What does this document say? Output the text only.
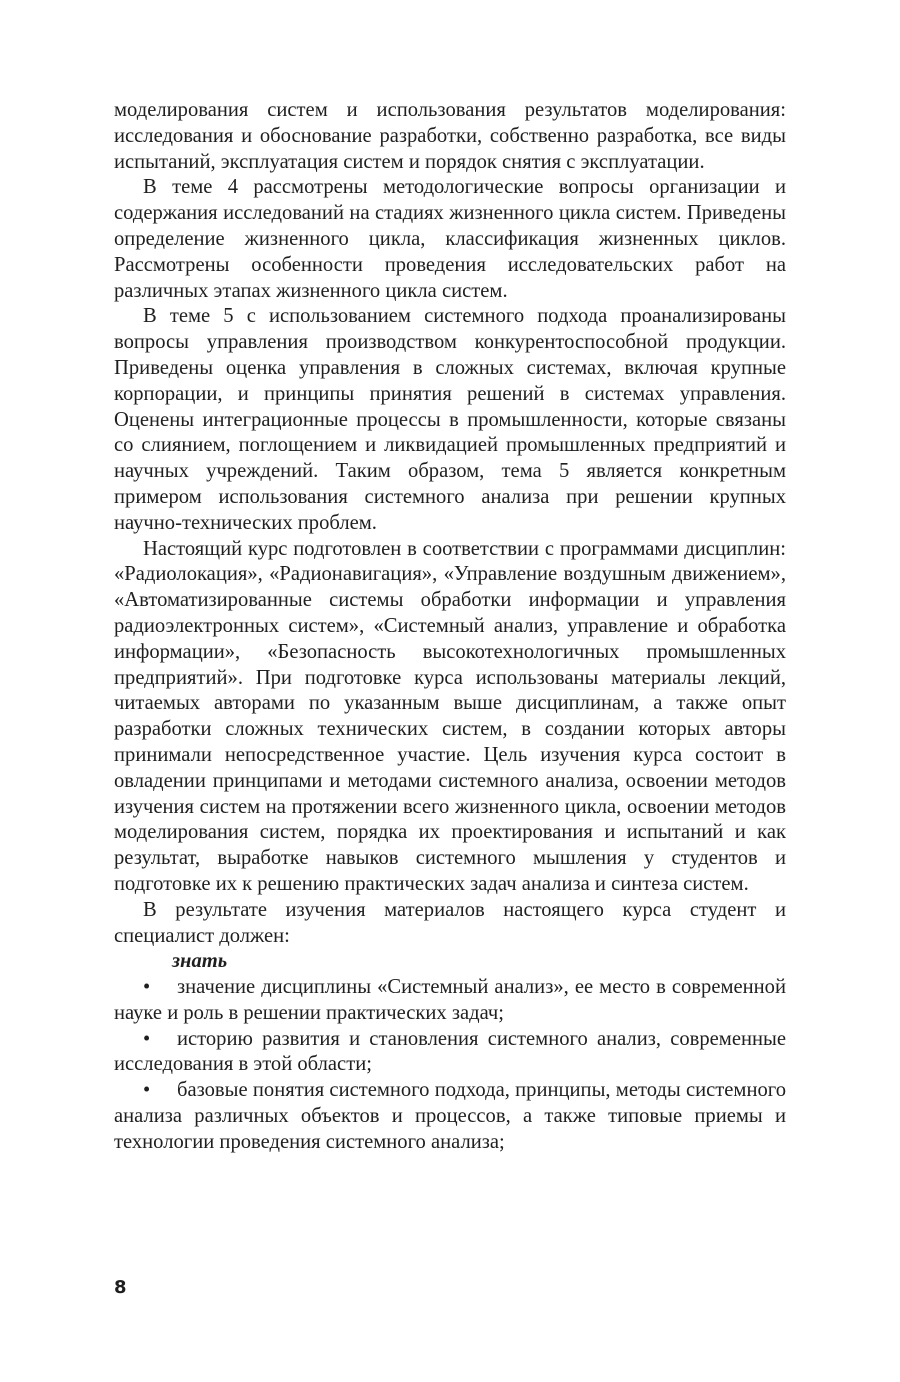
моделирования систем и использования результатов моделирования: исследования и обоснование разработки, собственно разработка, все виды испытаний, эксплуатация систем и порядок снятия с эксплуатации.

В теме 4 рассмотрены методологические вопросы организации и содержания исследований на стадиях жизненного цикла систем. Приведены определение жизненного цикла, классификация жизненных циклов. Рассмотрены особенности проведения исследовательских работ на различных этапах жизненного цикла систем.

В теме 5 с использованием системного подхода проанализированы вопросы управления производством конкурентоспособной продукции. Приведены оценка управления в сложных системах, включая крупные корпорации, и принципы принятия решений в системах управления. Оценены интеграционные процессы в промышленности, которые связаны со слиянием, поглощением и ликвидацией промышленных предприятий и научных учреждений. Таким образом, тема 5 является конкретным примером использования системного анализа при решении крупных научно-технических проблем.

Настоящий курс подготовлен в соответствии с программами дисциплин: «Радиолокация», «Радионавигация», «Управление воздушным движением», «Автоматизированные системы обработки информации и управления радиоэлектронных систем», «Системный анализ, управление и обработка информации», «Безопасность высокотехнологичных промышленных предприятий». При подготовке курса использованы материалы лекций, читаемых авторами по указанным выше дисциплинам, а также опыт разработки сложных технических систем, в создании которых авторы принимали непосредственное участие. Цель изучения курса состоит в овладении принципами и методами системного анализа, освоении методов изучения систем на протяжении всего жизненного цикла, освоении методов моделирования систем, порядка их проектирования и испытаний и как результат, выработке навыков системного мышления у студентов и подготовке их к решению практических задач анализа и синтеза систем.

В результате изучения материалов настоящего курса студент и специалист должен:

знать

• значение дисциплины «Системный анализ», ее место в современной науке и роль в решении практических задач;

• историю развития и становления системного анализ, современные исследования в этой области;

• базовые понятия системного подхода, принципы, методы системного анализа различных объектов и процессов, а также типовые приемы и технологии проведения системного анализа;

8
